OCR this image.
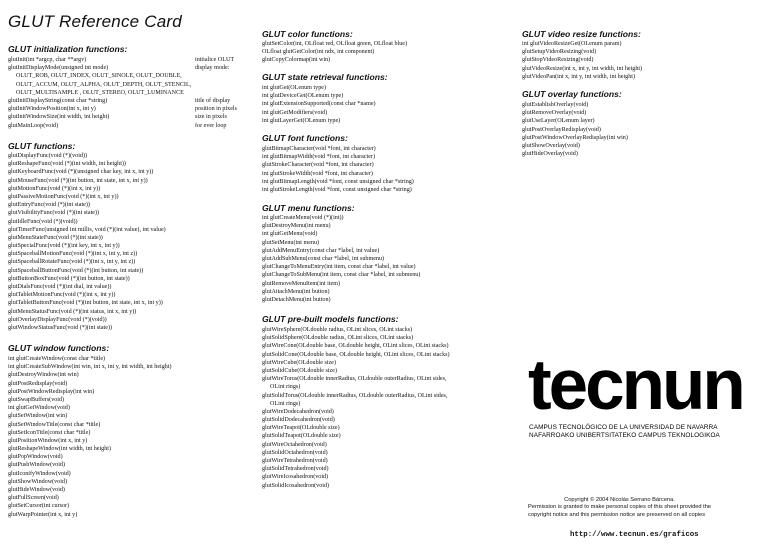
GLUT Reference Card
GLUT initialization functions:
glutInit(int *argcp, char **argv)
glutInitDisplayMode(unsigned int mode)
OLUT_ROB, OLUT_INDEX, OLUT_SINOLE, OLUT_DOUBLE,
OLUT_ACCUM, OLUT_ALPHA, OLUT_DEPTH, OLUT_STENCIL,
OLUT_MULTISAMPLE , OLUT_STEREO, OLUT_LUMINANCE
glutInitDisplayString(const char *string)
glutInitWindowPosition(int x, int y)
glutInitWindowSize(int width, int height)
glutMainLoop(void)
initialice OLUT
display mode:
title of display
position in pixels
size in pixels
for ever loop
GLUT functions:
glutDisplayFunc(void (*)(void))
glutReshapeFunc(void (*)(int width, int height))
glutKeyboardFunc(void (*)(unsigned char key, int x, int y))
glutMouseFunc(void (*)(int button, int state, int x, int y))
glutMotionFunc(void (*)(int x, int y))
glutPassiveMotionFunc(void (*)(int x, int y))
glutEntryFunc(void (*)(int state))
glutVisibilityFunc(void (*)(int state))
glutIdleFunc(void (*)(void))
glutTimerFunc(unsigned int millis, void (*)(int value), int value)
glutMenuStateFunc(void (*)(int state))
glutSpecialFunc(void (*)(int key, int x, int y))
glutSpaceballMotionFunc(void (*)(int x, int y, int z))
glutSpaceballRotateFunc(void (*)(int x, int y, int z))
glutSpaceballButtonFunc(void (*)(int button, int state))
glutButtonBoxFunc(void (*)(int button, int state))
glutDialsFunc(void (*)(int dial, int value))
glutTabletMotionFunc(void (*)(int x, int y))
glutTabletButtonFunc(void (*)(int button, int state, int x, int y))
glutMenuStatusFunc(void (*)(int status, int x, int y))
glutOverlayDisplayFunc(void (*)(void))
glutWindowStatusFunc(void (*)(int state))
GLUT window functions:
int glutCreateWindow(const char *title)
int glutCreateSubWindow(int win, int x, int y, int width, int height)
glutDestroyWindow(int win)
glutPostRedisplay(void)
glutPostWindowRedisplay(int win)
glutSwapBuffers(void)
int glutGetWindow(void)
glutSetWindow(int win)
glutSetWindowTitle(const char *title)
glutSetIconTitle(const char *title)
glutPositionWindow(int x, int y)
glutReshapeWindow(int width, int height)
glutPopWindow(void)
glutPushWindow(void)
glutIconifyWindow(void)
glutShowWindow(void)
glutHideWindow(void)
glutFullScreen(void)
glutSetCursor(int cursor)
glutWarpPointer(int x, int y)
GLUT color functions:
glutSetColor(int, OLfloat red, OLfloat green, OLfloat blue)
OLfloat glutGetColor(int ndx, int component)
glutCopyColormap(int win)
GLUT state retrieval functions:
int glutGet(OLenum type)
int glutDeviceGet(OLenum type)
int glutExtensionSupported(const char *name)
int glutGetModifiers(void)
int glutLayerGet(OLenum type)
GLUT font functions:
glutBitmapCharacter(void *font, int character)
int glutBitmapWidth(void *font, int character)
glutStrokeCharacter(void *font, int character)
int glutStrokeWidth(void *font, int character)
int glutBitmapLength(void *font, const unsigned char *string)
int glutStrokeLength(void *font, const unsigned char *string)
GLUT menu functions:
int glutCreateMenu(void (*)(int))
glutDestroyMenu(int menu)
int glutGetMenu(void)
glutSetMenu(int menu)
glutAddMenuEntry(const char *label, int value)
glutAddSubMenu(const char *label, int submenu)
glutChangeToMenuEntry(int item, const char *label, int value)
glutChangeToSubMenu(int item, const char *label, int submenu)
glutRemoveMenuItem(int item)
glutAttachMenu(int button)
glutDetachMenu(int button)
GLUT pre-built models functions:
glutWireSphere(OLdouble radius, OLint slices, OLint stacks)
glutSolidSphere(OLdouble radius, OLint slices, OLint stacks)
glutWireCone(OLdouble base, OLdouble height, OLint slices, OLint stacks)
glutSolidCone(OLdouble base, OLdouble height, OLint slices, OLint stacks)
glutWireCube(OLdouble size)
glutSolidCube(OLdouble size)
glutWireTorus(OLdouble innerRadius, OLdouble outerRadius, OLint sides,
OLint rings)
glutSolidTorus(OLdouble innerRadius, OLdouble outerRadius, OLint sides,
OLint rings)
glutWireDodecahedron(void)
glutSolidDodecahedron(void)
glutWireTeapot(OLdouble size)
glutSolidTeapot(OLdouble size)
glutWireOctahedron(void)
glutSolidOctahedron(void)
glutWireTetrahedron(void)
glutSolidTetrahedron(void)
glutWireIcosahedron(void)
glutSolidIcosahedron(void)
GLUT video resize functions:
int glutVideoResizeGet(OLenum param)
glutSetupVideoResizing(void)
glutStopVideoResizing(void)
glutVideoResize(int x, int y, int width, int height)
glutVideoPan(int x, int y, int width, int height)
GLUT overlay functions:
glutEstablishOverlay(void)
glutRemoveOverlay(void)
glutUseLayer(OLenum layer)
glutPostOverlayRedisplay(void)
glutPostWindowOverlayRedisplay(int win)
glutShowOverlay(void)
glutHideOverlay(void)
tecnun
CAMPUS TECNOLÓGICO DE LA UNIVERSIDAD DE NAVARRA
NAFARROAKO UNIBERTSITATEKO CAMPUS TEKNOLOGIKOA
Copyright © 2004 Nicolás Serrano Bárcena.
Permission is granted to make personal copies of this sheet provided the
copyright notice and this permission notice are preserved on all copies
http://www.tecnun.es/graficos
